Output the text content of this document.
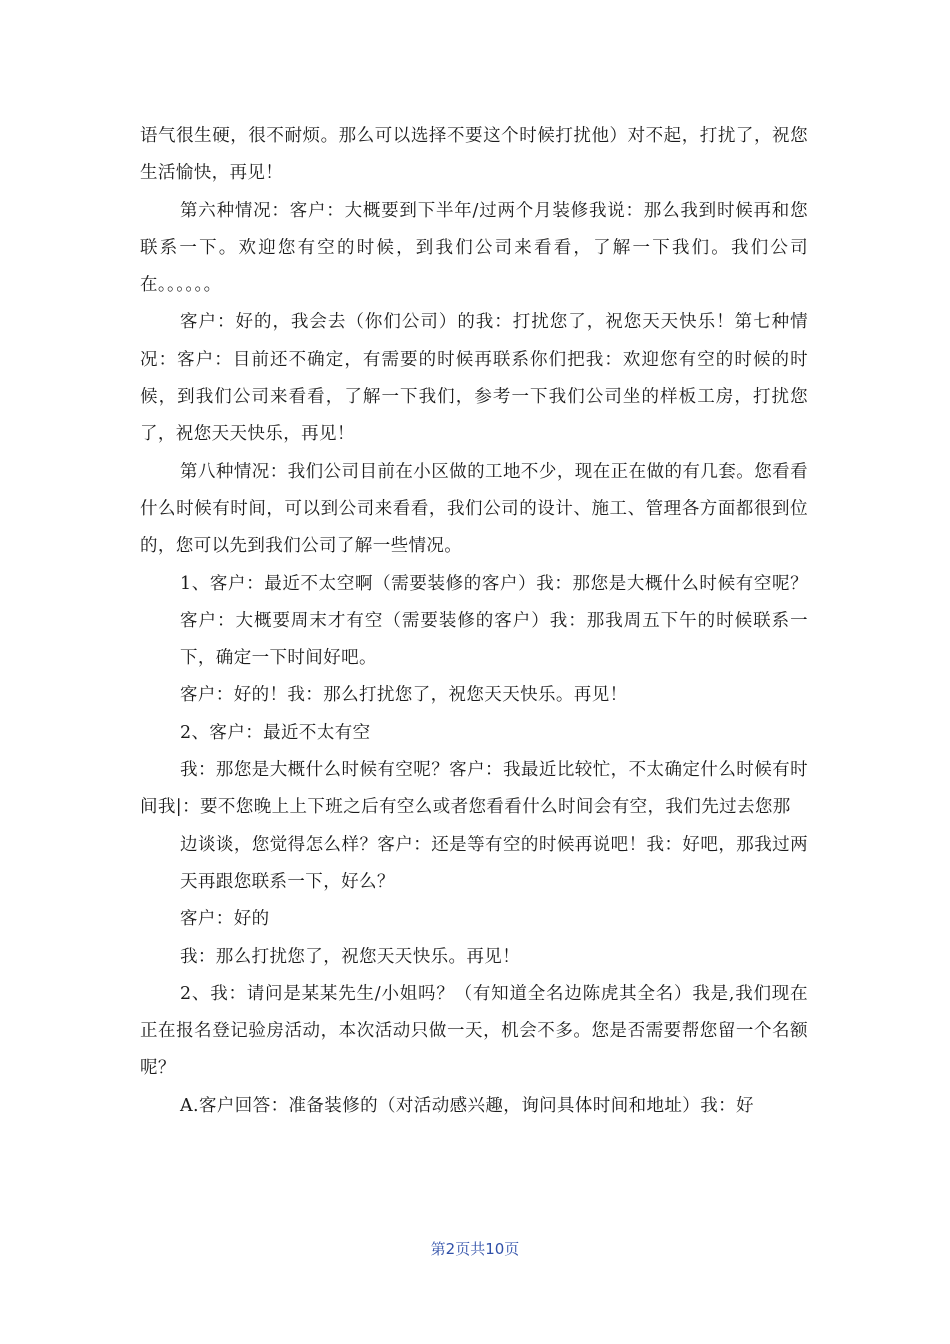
语气很生硬，很不耐烦。那么可以选择不要这个时候打扰他）对不起，打扰了，祝您生活愉快，再见！

第六种情况：客户：大概要到下半年/过两个月装修我说：那么我到时候再和您联系一下。欢迎您有空的时候，到我们公司来看看，了解一下我们。我们公司在。。。。。。

客户：好的，我会去（你们公司）的我：打扰您了，祝您天天快乐！第七种情况：客户：目前还不确定，有需要的时候再联系你们把我：欢迎您有空的时候的时候，到我们公司来看看，了解一下我们，参考一下我们公司坐的样板工房，打扰您了，祝您天天快乐，再见！

第八种情况：我们公司目前在小区做的工地不少，现在正在做的有几套。您看看什么时候有时间，可以到公司来看看，我们公司的设计、施工、管理各方面都很到位的，您可以先到我们公司了解一些情况。

1、客户：最近不太空啊（需要装修的客户）我：那您是大概什么时候有空呢？客户：大概要周末才有空（需要装修的客户）我：那我周五下午的时候联系一下，确定一下时间好吧。

客户：好的！我：那么打扰您了，祝您天天快乐。再见！

2、客户：最近不太有空

我：那您是大概什么时候有空呢？客户：我最近比较忙，不太确定什么时候有时间我|：要不您晚上上下班之后有空么或者您看看什么时间会有空，我们先过去您那

边谈谈，您觉得怎么样？客户：还是等有空的时候再说吧！我：好吧，那我过两天再跟您联系一下，好么？

客户：好的

我：那么打扰您了，祝您天天快乐。再见！

2、我：请问是某某先生/小姐吗？（有知道全名边陈虎其全名）我是,我们现在正在报名登记验房活动，本次活动只做一天，机会不多。您是否需要帮您留一个名额呢？

A.客户回答：准备装修的（对活动感兴趣，询问具体时间和地址）我：好

第2页共10页
